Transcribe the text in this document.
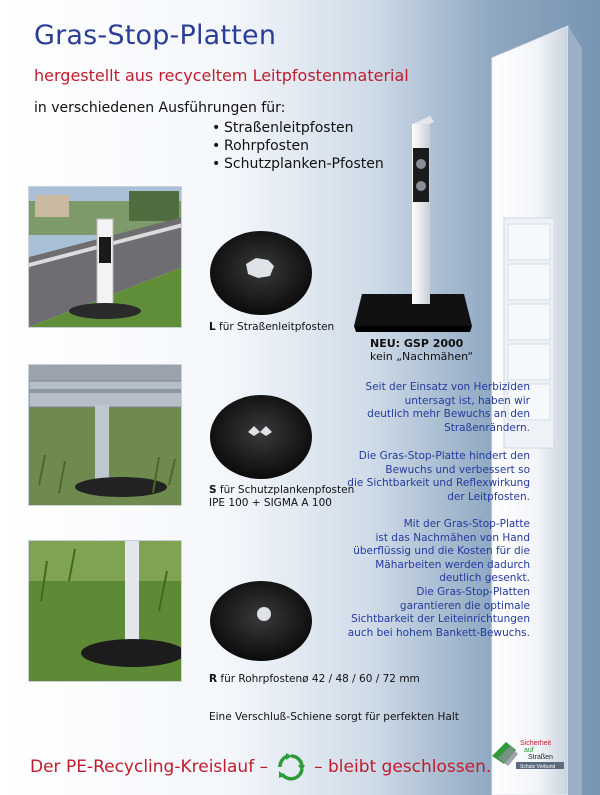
Gras-Stop-Platten
hergestellt aus recyceltem Leitpfostenmaterial
in verschiedenen Ausführungen für:
• Straßenleitpfosten
• Rohrpfosten
• Schutzplanken-Pfosten
L für Straßenleitpfosten
S für Schutzplankenpfosten
IPE 100 + SIGMA A 100
R für Rohrpfostenø 42 / 48 / 60 / 72 mm
NEU: GSP 2000
kein „Nachmähen“
Seit der Einsatz von Herbiziden
untersagt ist, haben wir
deutlich mehr Bewuchs an den
Straßenrändern.
Die Gras-Stop-Platte hindert den
Bewuchs und verbessert so
die Sichtbarkeit und Reflexwirkung
der Leitpfosten.
Mit der Gras-Stop-Platte
ist das Nachmähen von Hand
überflüssig und die Kosten für die
Mäharbeiten werden dadurch
deutlich gesenkt.
Die Gras-Stop-Platten
garantieren die optimale
Sichtbarkeit der Leiteinrichtungen
auch bei hohem Bankett-Bewuchs.
Eine Verschluß-Schiene sorgt für perfekten Halt
Der PE-Recycling-Kreislauf –	– bleibt geschlossen.
Sicherheit
auf
Straßen
Schutz Verbund
